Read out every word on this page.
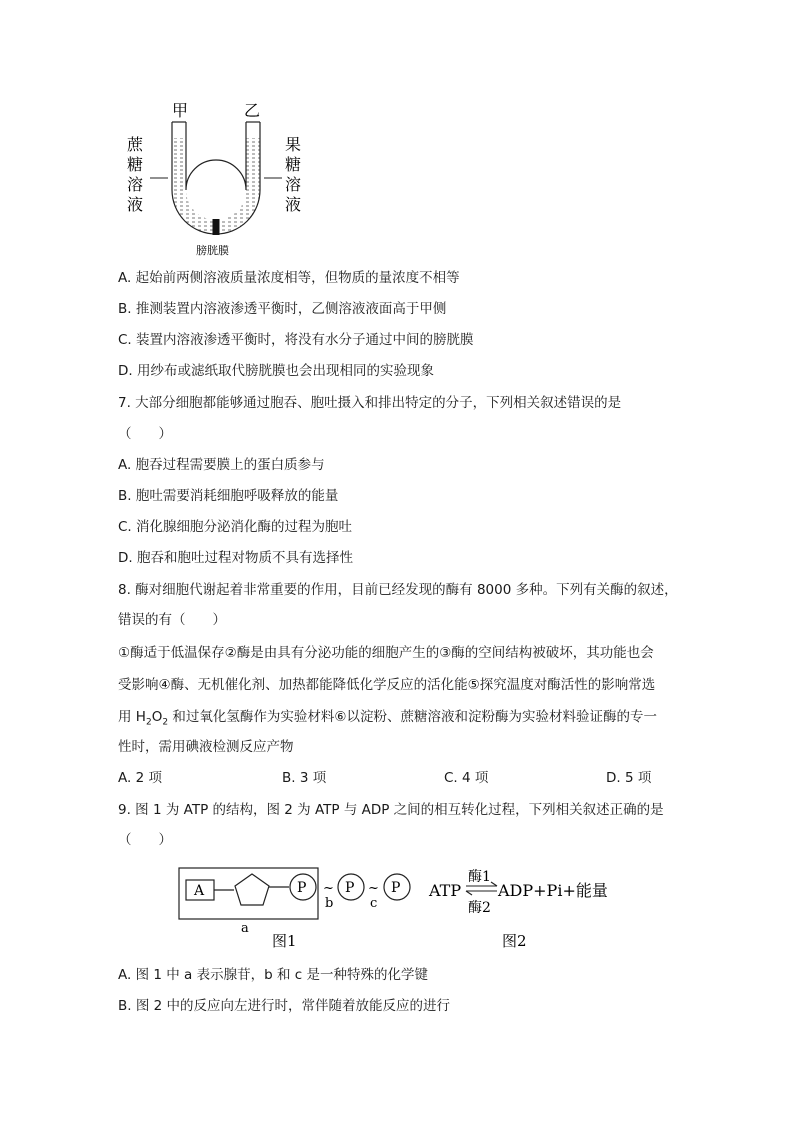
甲	乙
蔗
糖
溶
液
果
糖
溶
液
膀胱膜
A. 起始前两侧溶液质量浓度相等，但物质的量浓度不相等
B. 推测装置内溶液渗透平衡时，乙侧溶液液面高于甲侧
C. 装置内溶液渗透平衡时，将没有水分子通过中间的膀胱膜
D. 用纱布或滤纸取代膀胱膜也会出现相同的实验现象
7. 大部分细胞都能够通过胞吞、胞吐摄入和排出特定的分子，下列相关叙述错误的是
（　　）
A. 胞吞过程需要膜上的蛋白质参与
B. 胞吐需要消耗细胞呼吸释放的能量
C. 消化腺细胞分泌消化酶的过程为胞吐
D. 胞吞和胞吐过程对物质不具有选择性
8. 酶对细胞代谢起着非常重要的作用，目前已经发现的酶有 8000 多种。下列有关酶的叙述，
错误的有（　　）
①酶适于低温保存②酶是由具有分泌功能的细胞产生的③酶的空间结构被破坏，其功能也会
受影响④酶、无机催化剂、加热都能降低化学反应的活化能⑤探究温度对酶活性的影响常选
用 $H_2O_2$ 和过氧化氢酶作为实验材料⑥以淀粉、蔗糖溶液和淀粉酶为实验材料验证酶的专一
性时，需用碘液检测反应产物
A. 2 项	B. 3 项	C. 4 项	D. 5 项
9. 图 1 为 ATP 的结构，图 2 为 ATP 与 ADP 之间的相互转化过程，下列相关叙述正确的是
（　　）
A	P ~
b
P ~
c
P
a
图1
ATP
酶1
酶2
ADP+Pi+能量
图2
A. 图 1 中 a 表示腺苷，b 和 c 是一种特殊的化学键
B. 图 2 中的反应向左进行时，常伴随着放能反应的进行
